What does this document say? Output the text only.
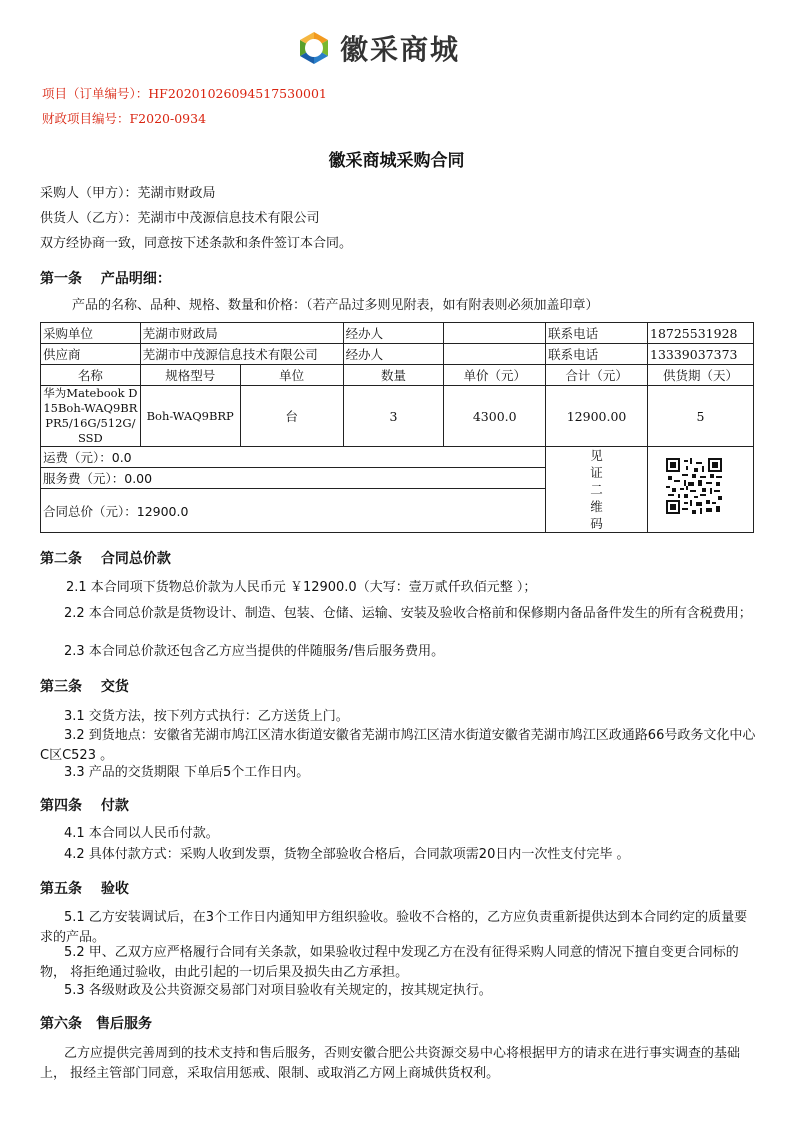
徽采商城
项目（订单编号）：HF20201026094517530001
财政项目编号：F2020-0934
徽采商城采购合同
采购人（甲方）：芜湖市财政局
供货人（乙方）：芜湖市中茂源信息技术有限公司
双方经协商一致，同意按下述条款和条件签订本合同。
第一条　 产品明细：
产品的名称、品种、规格、数量和价格：（若产品过多则见附表，如有附表则必须加盖印章）
采购单位	芜湖市财政局		经办人		联系电话	18725531928
供应商	芜湖市中茂源信息技术有限公司		经办人		联系电话	13339037373
名称	规格型号	单位	数量	单价（元）	合计（元）	供货期（天）
华为Matebook D15Boh-WAQ9BRPR5/16G/512G/SSD	Boh-WAQ9BRP	台	3	4300.0	12900.00	5
运费（元）：0.0					见证二维码	

服务费（元）：0.00						
合同总价（元）：12900.0						
第二条　 合同总价款
2.1 本合同项下货物总价款为人民币元 ￥12900.0（大写：壹万贰仟玖佰元整 ）；
2.2 本合同总价款是货物设计、制造、包装、仓储、运输、安装及验收合格前和保修期内备品备件发生的所有含税费用；
2.3 本合同总价款还包含乙方应当提供的伴随服务/售后服务费用。
第三条　 交货
3.1 交货方法，按下列方式执行：乙方送货上门。
3.2 到货地点：安徽省芜湖市鸠江区清水街道安徽省芜湖市鸠江区清水街道安徽省芜湖市鸠江区政通路66号政务文化中心C区C523 。
3.3 产品的交货期限 下单后5个工作日内。
第四条　 付款
4.1 本合同以人民币付款。
4.2 具体付款方式：采购人收到发票，货物全部验收合格后，合同款项需20日内一次性支付完毕 。
第五条　 验收
5.1 乙方安装调试后，在3个工作日内通知甲方组织验收。验收不合格的，乙方应负责重新提供达到本合同约定的质量要求的产品。
5.2 甲、乙双方应严格履行合同有关条款，如果验收过程中发现乙方在没有征得采购人同意的情况下擅自变更合同标的物， 将拒绝通过验收，由此引起的一切后果及损失由乙方承担。
5.3 各级财政及公共资源交易部门对项目验收有关规定的，按其规定执行。
第六条　售后服务
乙方应提供完善周到的技术支持和售后服务，否则安徽合肥公共资源交易中心将根据甲方的请求在进行事实调查的基础上， 报经主管部门同意，采取信用惩戒、限制、或取消乙方网上商城供货权利。
